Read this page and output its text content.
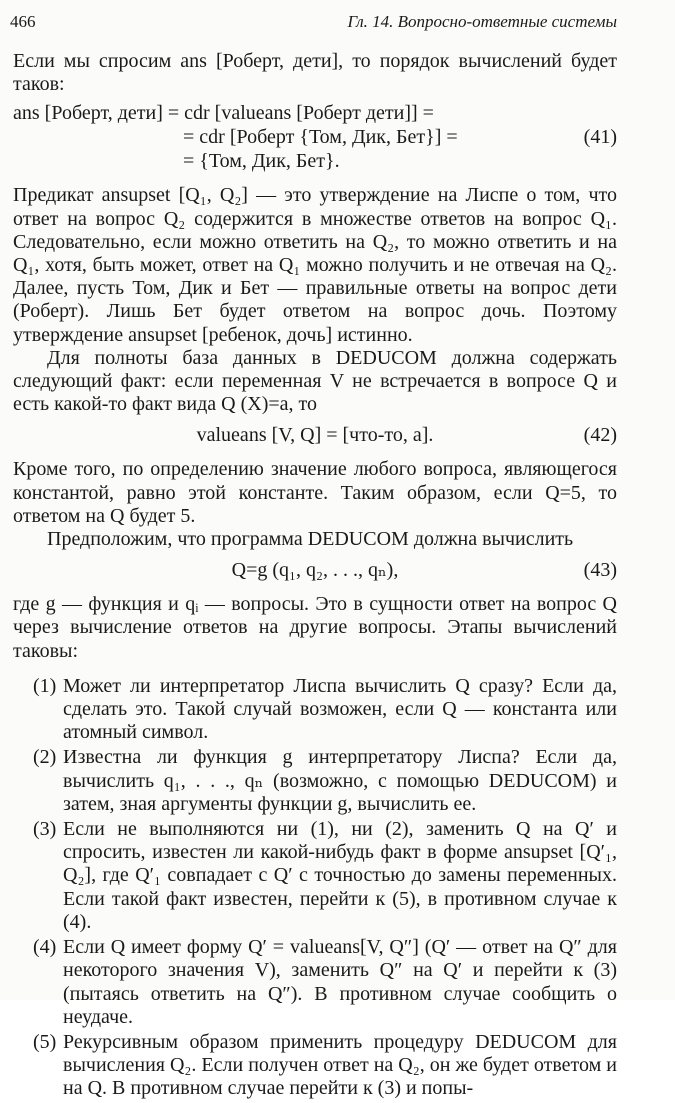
466	Гл. 14. Вопросно-ответные системы

Если мы спросим ans [Роберт, дети], то порядок вычислений будет таков:

ans [Роберт, дети] = cdr [valueans [Роберт дети]] =
= cdr [Роберт {Том, Дик, Бет}] =	(41)
= {Том, Дик, Бет}.

Предикат ansupset [Q₁, Q₂] — это утверждение на Лиспе о том, что ответ на вопрос Q₂ содержится в множестве ответов на вопрос Q₁. Следовательно, если можно ответить на Q₂, то можно ответить и на Q₁, хотя, быть может, ответ на Q₁ можно получить и не отвечая на Q₂. Далее, пусть Том, Дик и Бет — правильные ответы на вопрос дети (Роберт). Лишь Бет будет ответом на вопрос дочь. Поэтому утверждение ansupset [ребенок, дочь] истинно.

Для полноты база данных в DEDUCOM должна содержать следующий факт: если переменная V не встречается в вопросе Q и есть какой-то факт вида Q (X)=a, то

valueans [V, Q] = [что-то, a].	(42)

Кроме того, по определению значение любого вопроса, являющегося константой, равно этой константе. Таким образом, если Q=5, то ответом на Q будет 5.

Предположим, что программа DEDUCOM должна вычислить

Q=g (q₁, q₂, . . ., qₙ),	(43)

где g — функция и qᵢ — вопросы. Это в сущности ответ на вопрос Q через вычисление ответов на другие вопросы. Этапы вычислений таковы:

(1) Может ли интерпретатор Лиспа вычислить Q сразу? Если да, сделать это. Такой случай возможен, если Q — константа или атомный символ.
(2) Известна ли функция g интерпретатору Лиспа? Если да, вычислить q₁, . . ., qₙ (возможно, с помощью DEDUCOM) и затем, зная аргументы функции g, вычислить ее.
(3) Если не выполняются ни (1), ни (2), заменить Q на Q′ и спросить, известен ли какой-нибудь факт в форме ansupset [Q′₁, Q₂], где Q′₁ совпадает с Q′ с точностью до замены переменных. Если такой факт известен, перейти к (5), в противном случае к (4).
(4) Если Q имеет форму Q′ = valueans[V, Q″] (Q′ — ответ на Q″ для некоторого значения V), заменить Q″ на Q′ и перейти к (3) (пытаясь ответить на Q″). В противном случае сообщить о неудаче.
(5) Рекурсивным образом применить процедуру DEDUCOM для вычисления Q₂. Если получен ответ на Q₂, он же будет ответом и на Q. В противном случае перейти к (3) и попы-
